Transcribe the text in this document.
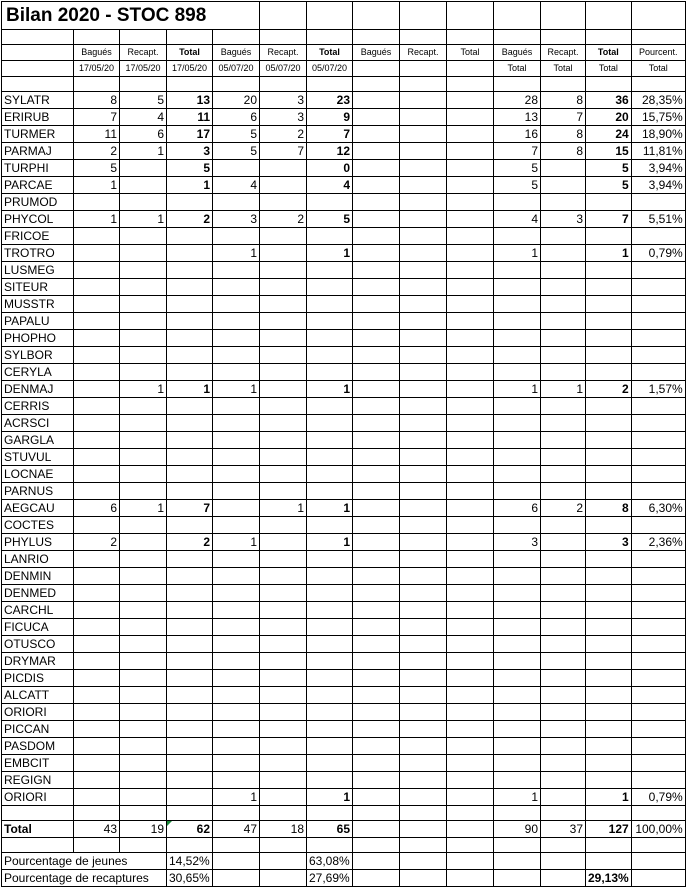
Bilan 2020 - STOC 898													

	Bagués	Recapt.	Total	Bagués	Recapt.	Total	Bagués	Recapt.	Total	Bagués	Recapt.	Total	Pourcent.
	17/05/20	17/05/20	17/05/20	05/07/20	05/07/20	05/07/20				Total	Total	Total	Total

SYLATR	8	5	13	20	3	23				28	8	36	28,35%
ERIRUB	7	4	11	6	3	9				13	7	20	15,75%
TURMER	11	6	17	5	2	7				16	8	24	18,90%
PARMAJ	2	1	3	5	7	12				7	8	15	11,81%
TURPHI	5		5			0				5		5	3,94%
PARCAE	1		1	4		4				5		5	3,94%
PRUMOD													
PHYCOL	1	1	2	3	2	5				4	3	7	5,51%
FRICOE													
TROTRO				1		1				1		1	0,79%
LUSMEG													
SITEUR													
MUSSTR													
PAPALU													
PHOPHO													
SYLBOR													
CERYLA													
DENMAJ		1	1	1		1				1	1	2	1,57%
CERRIS													
ACRSCI													
GARGLA													
STUVUL													
LOCNAE													
PARNUS													
AEGCAU	6	1	7		1	1				6	2	8	6,30%
COCTES													
PHYLUS	2		2	1		1				3		3	2,36%
LANRIO													
DENMIN													
DENMED													
CARCHL													
FICUCA													
OTUSCO													
DRYMAR													
PICDIS													
ALCATT													
ORIORI													
PICCAN													
PASDOM													
EMBCIT													
REGIGN													
ORIORI				1		1				1		1	0,79%

Total	43	19	62	47	18	65				90	37	127	100,00%

Pourcentage de jeunes			14,52%			63,08%							
Pourcentage de recaptures			30,65%			27,69%						29,13%	
